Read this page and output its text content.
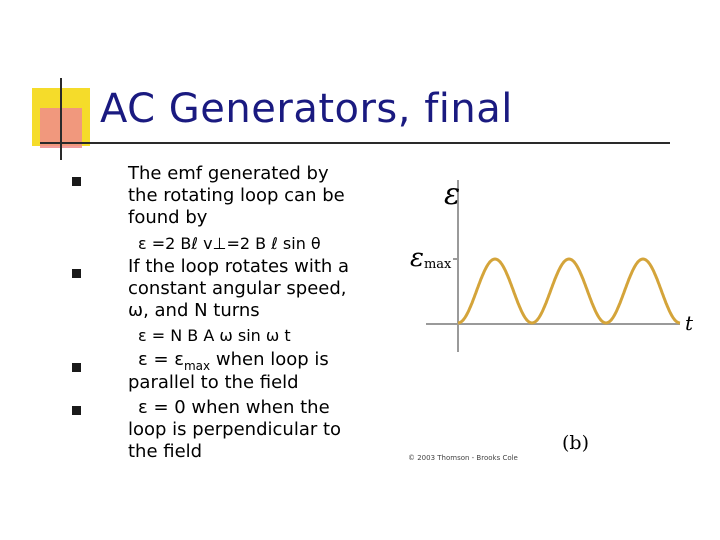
AC Generators, final
The emf generated by
the rotating loop can be
found by
ε =2 Bℓ v⊥=2 B ℓ sin θ
If the loop rotates with a
constant angular speed,
ω, and N turns
ε = N B A ω sin ω t
$\varepsilon = \varepsilon_{max}$ when loop is
parallel to the field
ε = 0 when when the
loop is perpendicular to
the field
ε
εmax
t
(b)
© 2003 Thomson - Brooks Cole
